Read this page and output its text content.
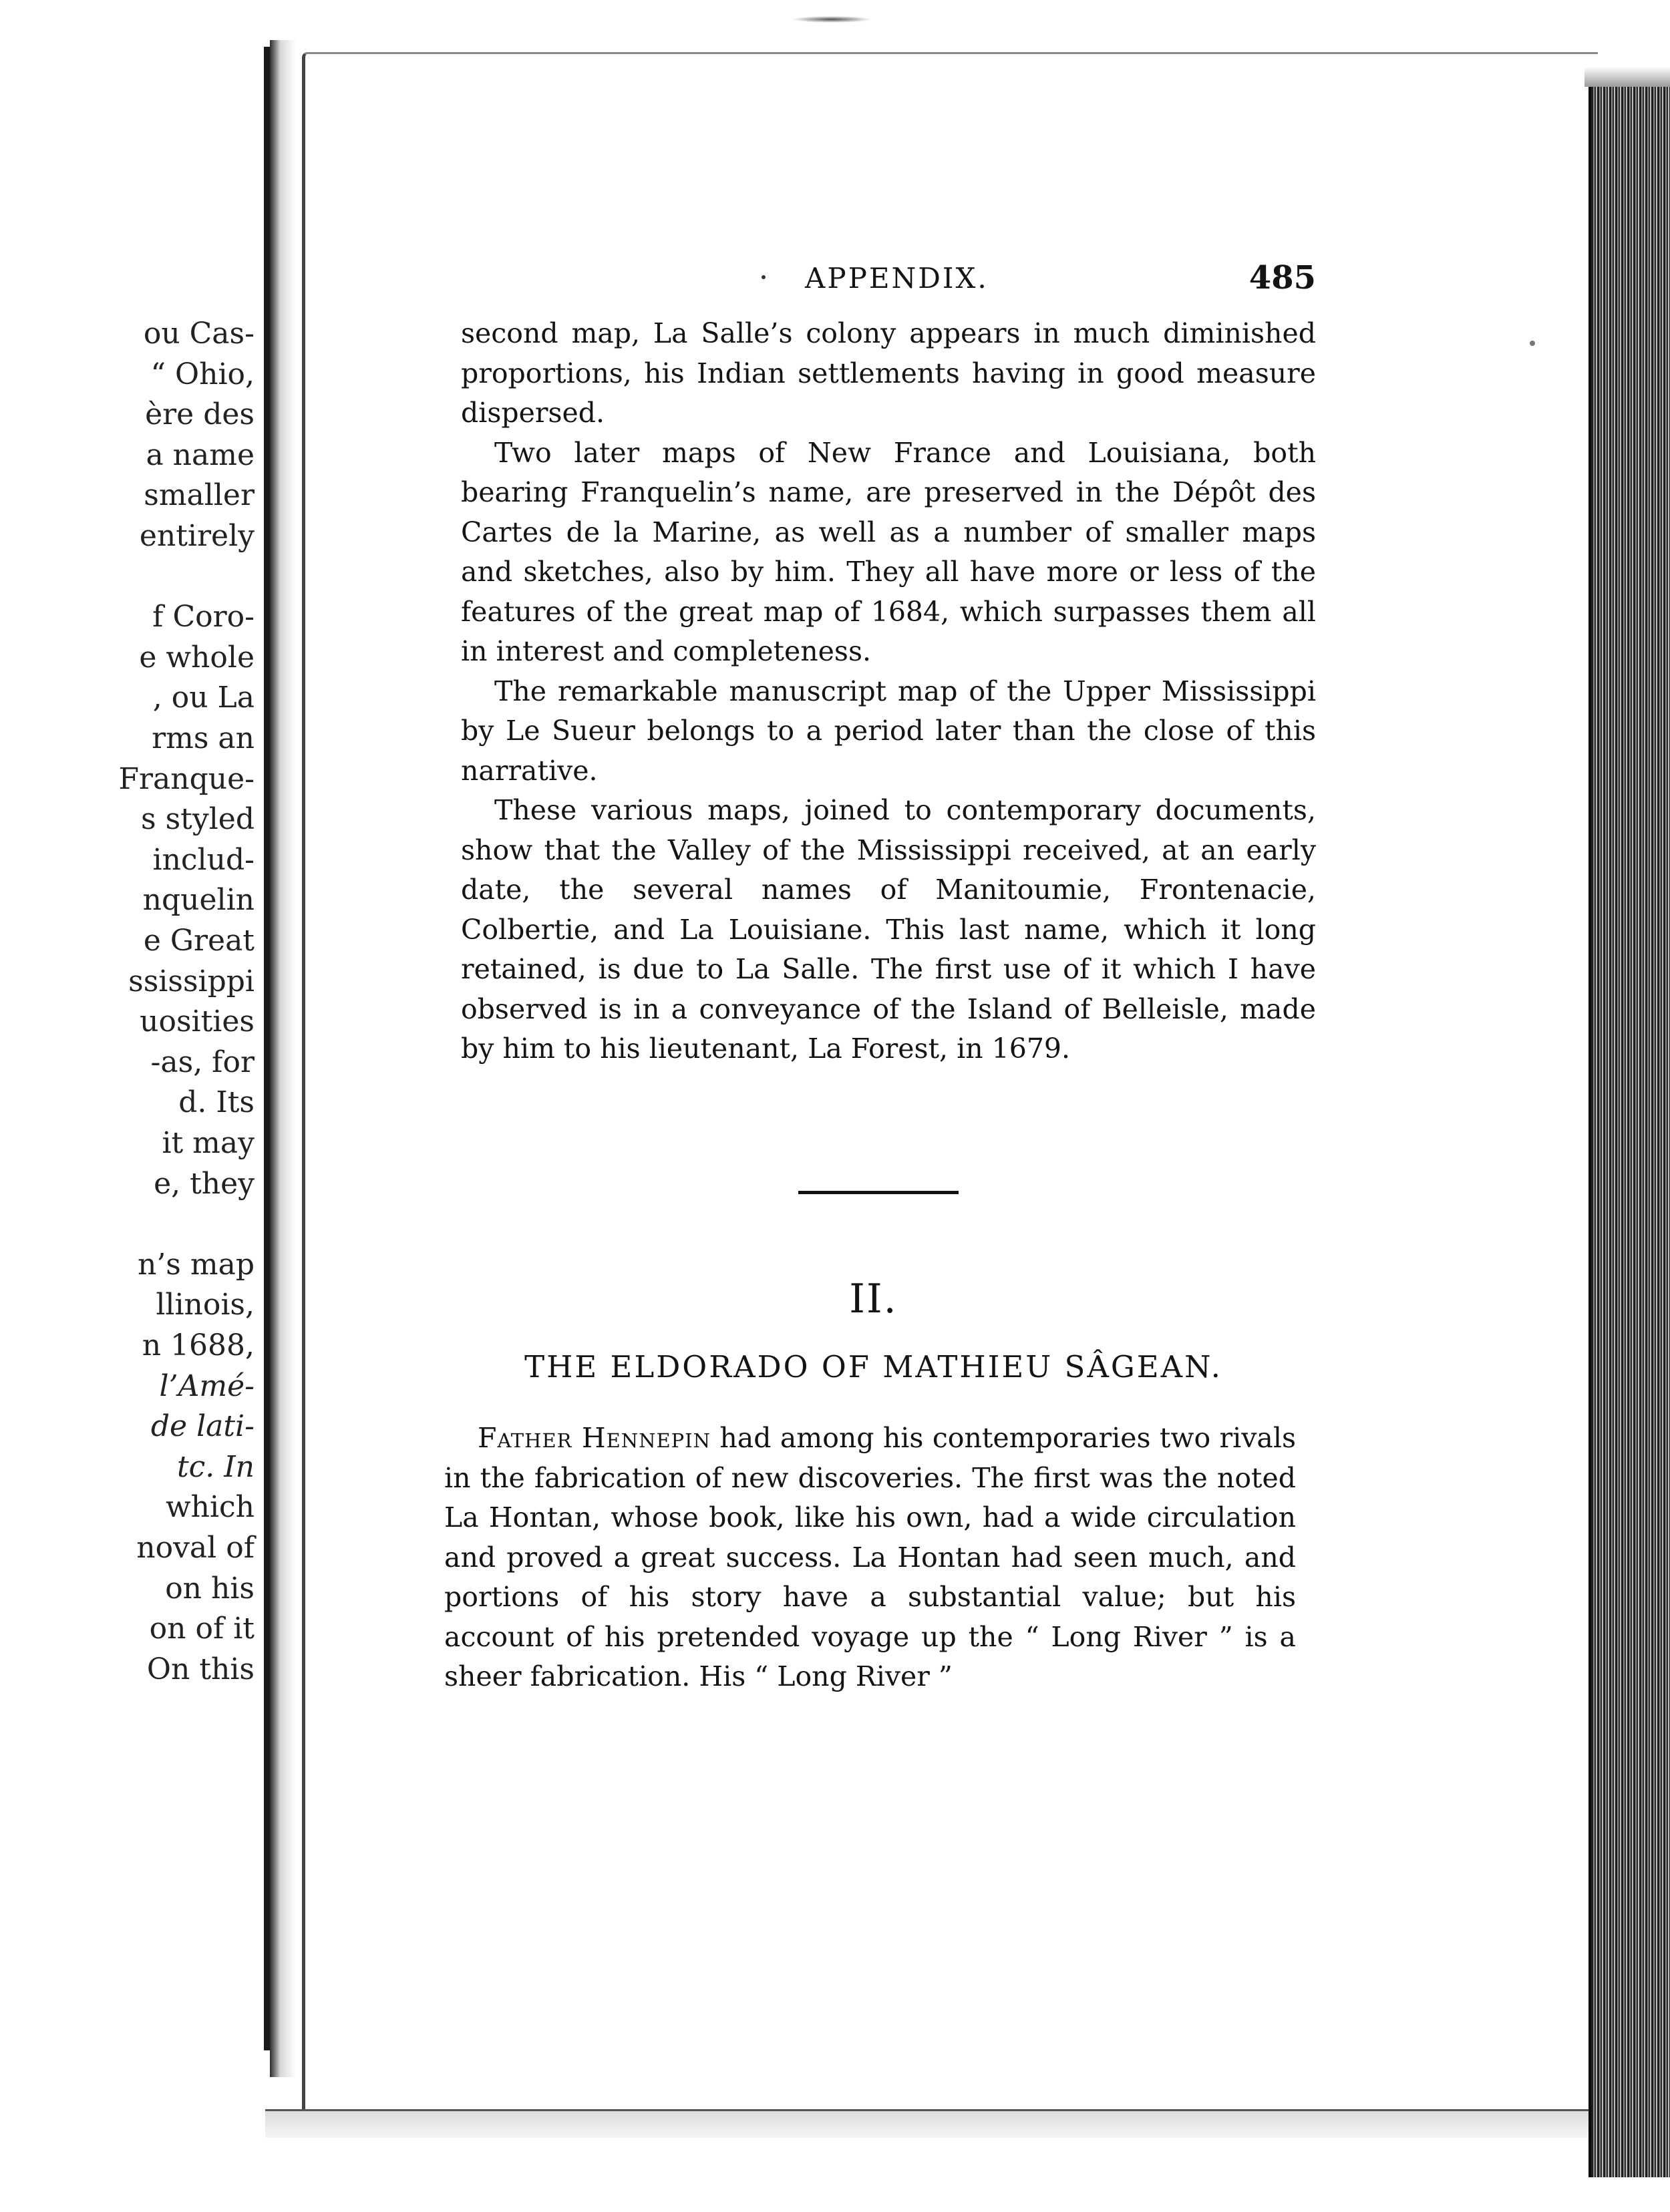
ou Cas-
“ Ohio,
ère des
a name
smaller
entirely
f Coro-
e whole
, ou La
rms an
Franque-
s styled
includ-
nquelin
e Great
ssissippi
uosities
-as, for
d. Its
it may
e, they
n’s map
llinois,
n 1688,
l’Amé-
de lati-
tc. In
which
noval of
on his
on of it
On this
APPENDIX.	485

second map, La Salle’s colony appears in much diminished proportions, his Indian settlements having in good measure dispersed.

Two later maps of New France and Louisiana, both bearing Franquelin’s name, are preserved in the Dépôt des Cartes de la Marine, as well as a number of smaller maps and sketches, also by him. They all have more or less of the features of the great map of 1684, which surpasses them all in interest and completeness.

The remarkable manuscript map of the Upper Mississippi by Le Sueur belongs to a period later than the close of this narrative.

These various maps, joined to contemporary documents, show that the Valley of the Mississippi received, at an early date, the several names of Manitoumie, Frontenacie, Colbertie, and La Louisiane. This last name, which it long retained, is due to La Salle. The first use of it which I have observed is in a conveyance of the Island of Belleisle, made by him to his lieutenant, La Forest, in 1679.

II.
THE ELDORADO OF MATHIEU SÂGEAN.

Father Hennepin had among his contemporaries two rivals in the fabrication of new discoveries. The first was the noted La Hontan, whose book, like his own, had a wide circulation and proved a great success. La Hontan had seen much, and portions of his story have a substantial value; but his account of his pretended voyage up the “ Long River ” is a sheer fabrication. His “ Long River ”
